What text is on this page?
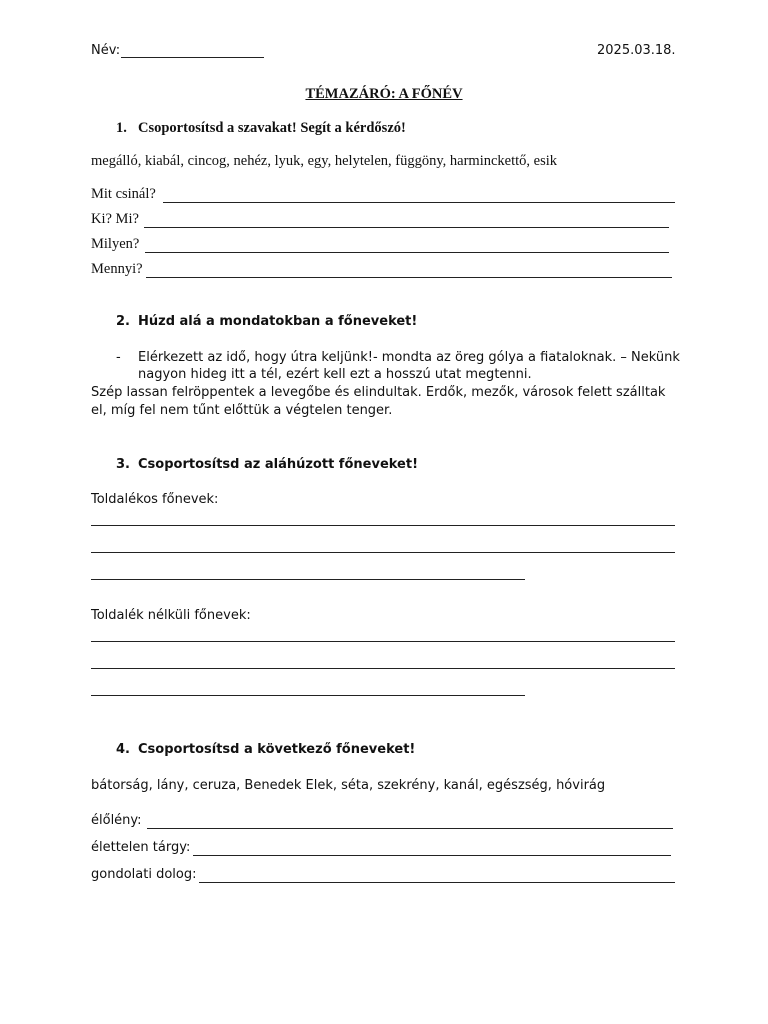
Név:	2025.03.18.
TÉMAZÁRÓ: A FŐNÉV
1. Csoportosítsd a szavakat! Segít a kérdőszó!
megálló, kiabál, cincog, nehéz, lyuk, egy, helytelen, függöny, harminckettő, esik
Mit csinál?
Ki? Mi?
Milyen?
Mennyi?
2. Húzd alá a mondatokban a főneveket!
- Elérkezett az idő, hogy útra keljünk!- mondta az öreg gólya a fiataloknak. – Nekünk
nagyon hideg itt a tél, ezért kell ezt a hosszú utat megtenni.
Szép lassan felröppentek a levegőbe és elindultak. Erdők, mezők, városok felett szálltak
el, míg fel nem tűnt előttük a végtelen tenger.
3. Csoportosítsd az aláhúzott főneveket!
Toldalékos főnevek:
Toldalék nélküli főnevek:
4. Csoportosítsd a következő főneveket!
bátorság, lány, ceruza, Benedek Elek, séta, szekrény, kanál, egészség, hóvirág
élőlény:
élettelen tárgy:
gondolati dolog:
